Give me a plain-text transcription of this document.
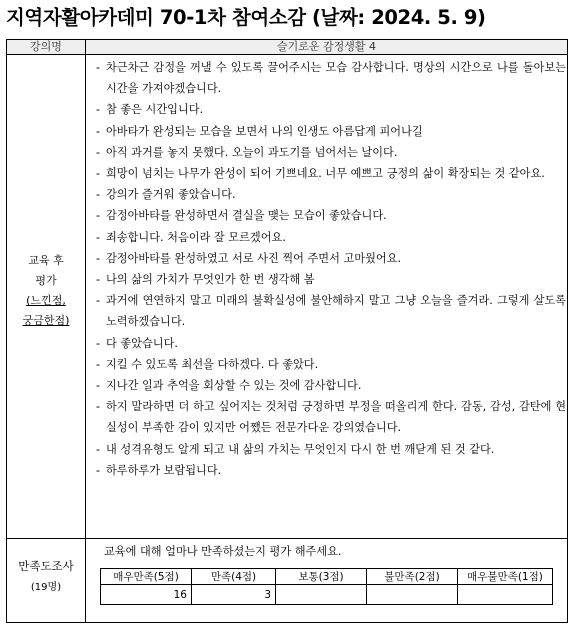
지역자활아카데미 70-1차 참여소감 (날짜: 2024. 5. 9)
강의명	슬기로운 감정생활 4
교육 후
평가
(느낀점,
궁금한점)
- 차근차근 감정을 꺼낼 수 있도록 끌어주시는 모습 감사합니다. 명상의 시간으로 나를 돌아보는 시간을 가져야겠습니다.
- 참 좋은 시간입니다.
- 아바타가 완성되는 모습을 보면서 나의 인생도 아름답게 피어나길
- 아직 과거를 놓지 못했다. 오늘이 과도기를 넘어서는 날이다.
- 희망이 넘치는 나무가 완성이 되어 기쁘네요. 너무 예쁘고 긍정의 삶이 확장되는 것 같아요.
- 강의가 즐거워 좋았습니다.
- 감정아바타를 완성하면서 결실을 맺는 모습이 좋았습니다.
- 죄송합니다. 처음이라 잘 모르겠어요.
- 감정아바타를 완성하였고 서로 사진 찍어 주면서 고마웠어요.
- 나의 삶의 가치가 무엇인가 한 번 생각해 봄
- 과거에 연연하지 말고 미래의 불확실성에 불안해하지 말고 그냥 오늘을 즐겨라. 그렇게 살도록 노력하겠습니다.
- 다 좋았습니다.
- 지킬 수 있도록 최선을 다하겠다. 다 좋았다.
- 지나간 일과 추억을 회상할 수 있는 것에 감사합니다.
- 하지 말라하면 더 하고 싶어지는 것처럼 긍정하면 부정을 떠올리게 한다. 감동, 감성, 감탄에 현실성이 부족한 감이 있지만 어쨌든 전문가다운 강의였습니다.
- 내 성격유형도 알게 되고 내 삶의 가치는 무엇인지 다시 한 번 깨닫게 된 것 같다.
- 하루하루가 보람됩니다.
만족도조사
(19명)
교육에 대해 얼마나 만족하셨는지 평가 해주세요.
매우만족(5점)	만족(4점)	보통(3점)	불만족(2점)	매우불만족(1점)
16	3			
